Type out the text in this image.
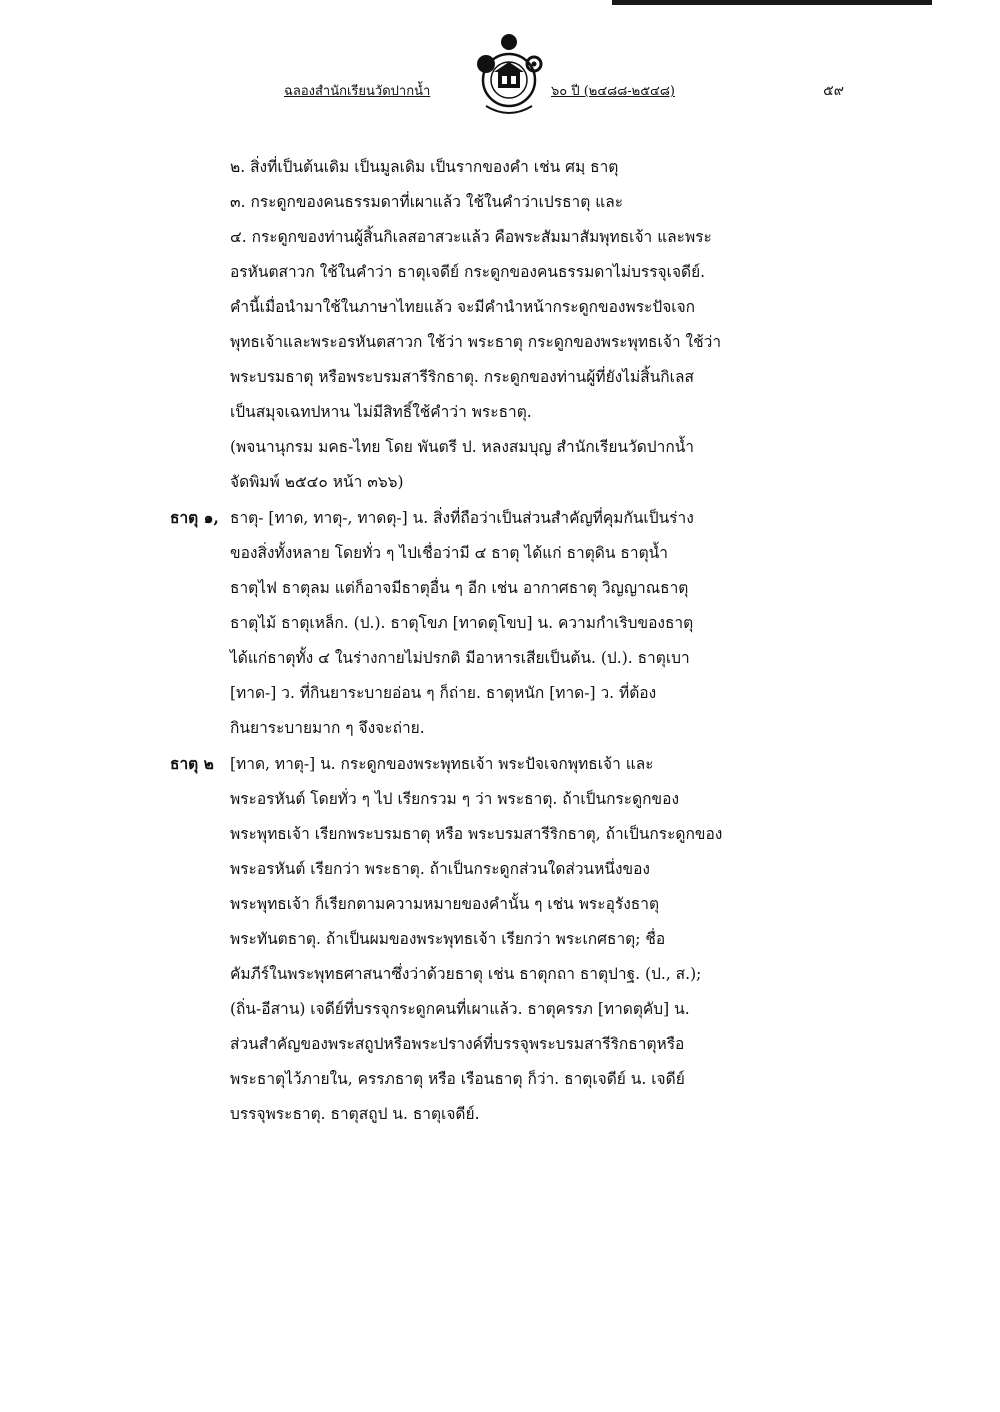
ฉลองสำนักเรียนวัดปากน้ำ	๖๐ ปี (๒๔๘๘-๒๕๔๘)	๕๙

๒. สิ่งที่เป็นต้นเดิม เป็นมูลเดิม เป็นรากของคำ เช่น ศมฺ ธาตุ

๓. กระดูกของคนธรรมดาที่เผาแล้ว ใช้ในคำว่าเปรธาตุ และ

๔. กระดูกของท่านผู้สิ้นกิเลสอาสวะแล้ว คือพระสัมมาสัมพุทธเจ้า และพระ

อรหันตสาวก ใช้ในคำว่า ธาตุเจดีย์ กระดูกของคนธรรมดาไม่บรรจุเจดีย์.

คำนี้เมื่อนำมาใช้ในภาษาไทยแล้ว จะมีคำนำหน้ากระดูกของพระปัจเจก

พุทธเจ้าและพระอรหันตสาวก ใช้ว่า พระธาตุ กระดูกของพระพุทธเจ้า ใช้ว่า

พระบรมธาตุ หรือพระบรมสารีริกธาตุ. กระดูกของท่านผู้ที่ยังไม่สิ้นกิเลส

เป็นสมุจเฉทปหาน ไม่มีสิทธิ์ใช้คำว่า พระธาตุ.

(พจนานุกรม มคธ-ไทย โดย พันตรี ป. หลงสมบุญ สำนักเรียนวัดปากน้ำ

จัดพิมพ์ ๒๕๔๐ หน้า ๓๖๖)

ธาตุ ๑, ธาตุ- [ทาด, ทาตุ-, ทาดตุ-] น. สิ่งที่ถือว่าเป็นส่วนสำคัญที่คุมกันเป็นร่าง
ของสิ่งทั้งหลาย โดยทั่ว ๆ ไปเชื่อว่ามี ๔ ธาตุ ได้แก่ ธาตุดิน ธาตุน้ำ
ธาตุไฟ ธาตุลม แต่ก็อาจมีธาตุอื่น ๆ อีก เช่น อากาศธาตุ วิญญาณธาตุ
ธาตุไม้ ธาตุเหล็ก. (ป.). ธาตุโขภ [ทาดตุโขบ] น. ความกำเริบของธาตุ
ได้แก่ธาตุทั้ง ๔ ในร่างกายไม่ปรกติ มีอาหารเสียเป็นต้น. (ป.). ธาตุเบา
[ทาด-] ว. ที่กินยาระบายอ่อน ๆ ก็ถ่าย. ธาตุหนัก [ทาด-] ว. ที่ต้อง
กินยาระบายมาก ๆ จึงจะถ่าย.
ธาตุ ๒ [ทาด, ทาตุ-] น. กระดูกของพระพุทธเจ้า พระปัจเจกพุทธเจ้า และ
พระอรหันต์ โดยทั่ว ๆ ไป เรียกรวม ๆ ว่า พระธาตุ. ถ้าเป็นกระดูกของ
พระพุทธเจ้า เรียกพระบรมธาตุ หรือ พระบรมสารีริกธาตุ, ถ้าเป็นกระดูกของ
พระอรหันต์ เรียกว่า พระธาตุ. ถ้าเป็นกระดูกส่วนใดส่วนหนึ่งของ
พระพุทธเจ้า ก็เรียกตามความหมายของคำนั้น ๆ เช่น พระอุรังธาตุ
พระทันตธาตุ. ถ้าเป็นผมของพระพุทธเจ้า เรียกว่า พระเกศธาตุ; ชื่อ
คัมภีร์ในพระพุทธศาสนาซึ่งว่าด้วยธาตุ เช่น ธาตุกถา ธาตุปาฐ. (ป., ส.);
(ถิ่น-อีสาน) เจดีย์ที่บรรจุกระดูกคนที่เผาแล้ว. ธาตุครรภ [ทาดตุคับ] น.
ส่วนสำคัญของพระสถูปหรือพระปรางค์ที่บรรจุพระบรมสารีริกธาตุหรือ
พระธาตุไว้ภายใน, ครรภธาตุ หรือ เรือนธาตุ ก็ว่า. ธาตุเจดีย์ น. เจดีย์
บรรจุพระธาตุ. ธาตุสถูป น. ธาตุเจดีย์.
